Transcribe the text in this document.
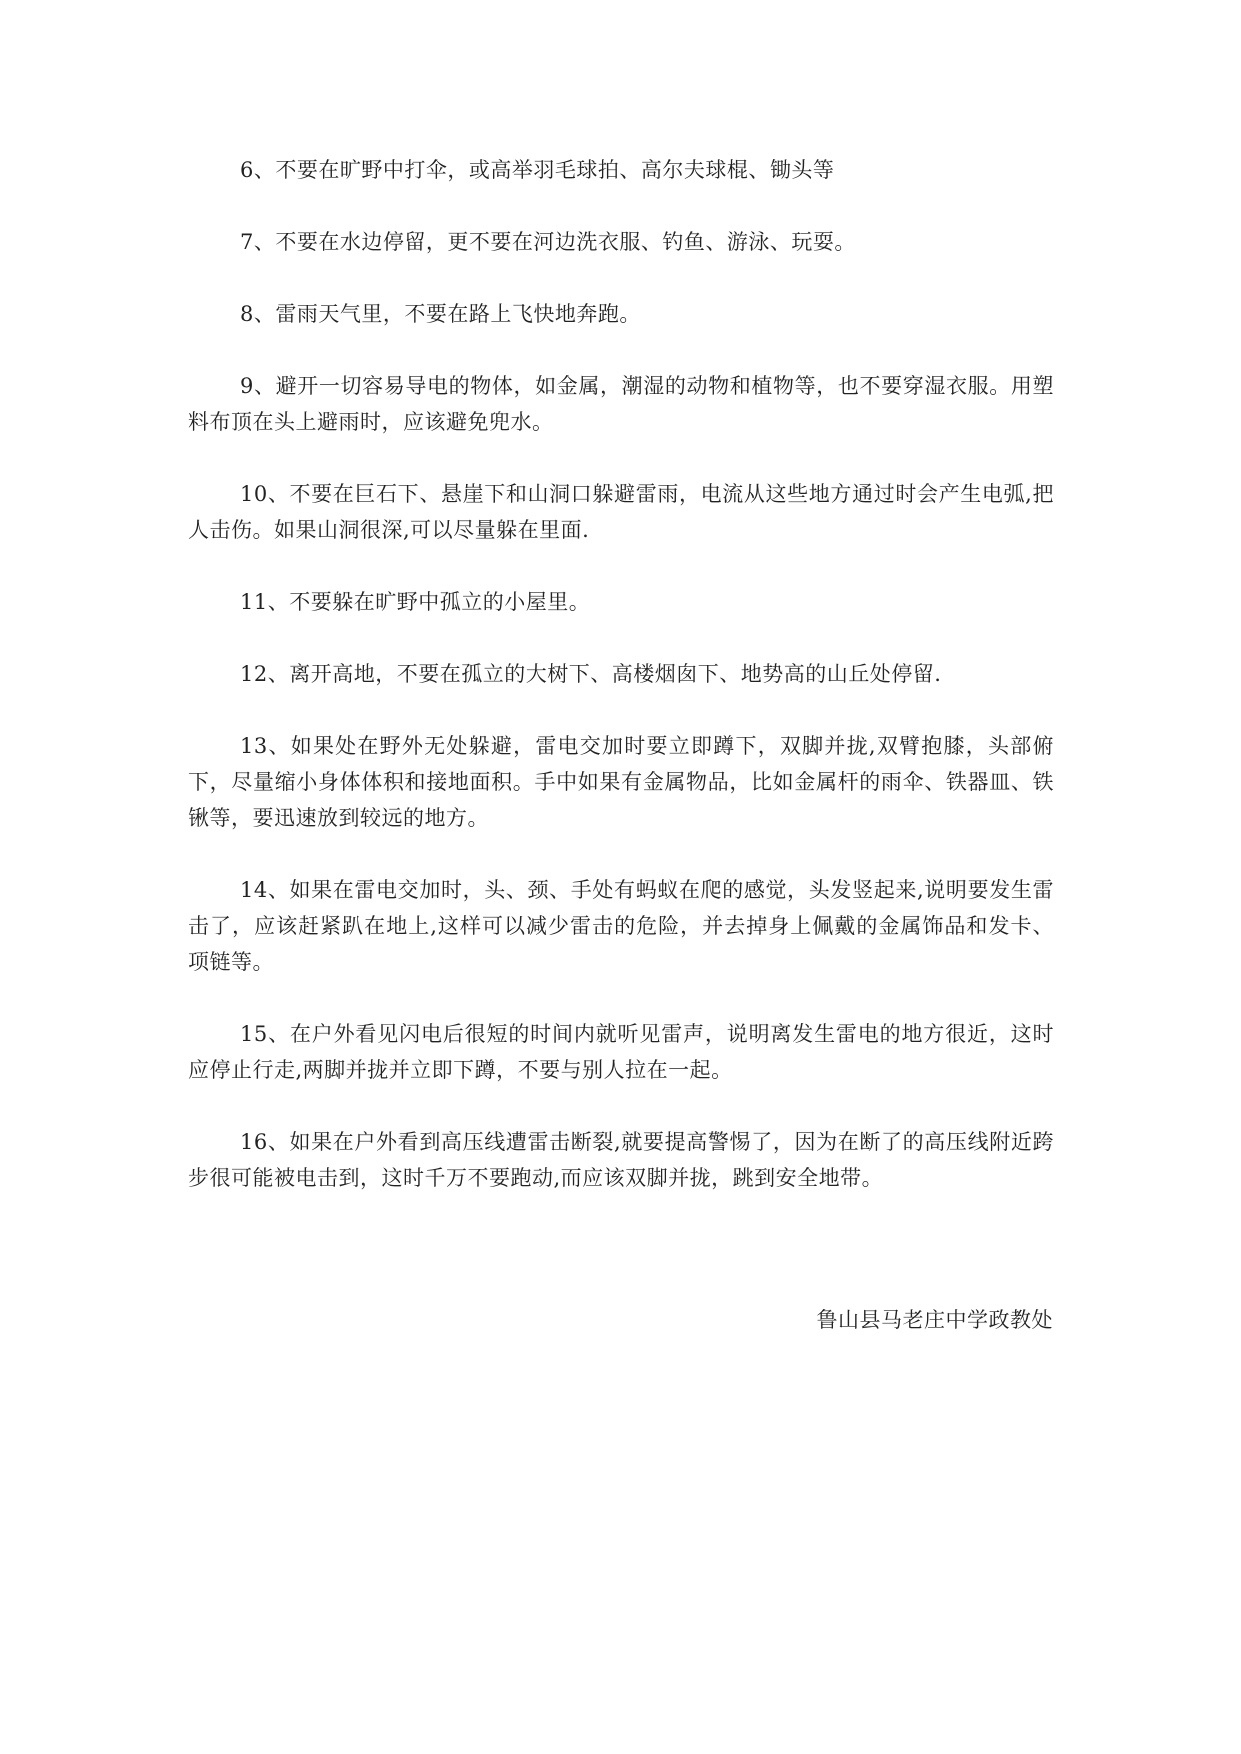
6、不要在旷野中打伞，或高举羽毛球拍、高尔夫球棍、锄头等

7、不要在水边停留，更不要在河边洗衣服、钓鱼、游泳、玩耍。

8、雷雨天气里，不要在路上飞快地奔跑。

9、避开一切容易导电的物体，如金属，潮湿的动物和植物等，也不要穿湿衣服。用塑料布顶在头上避雨时，应该避免兜水。

10、不要在巨石下、悬崖下和山洞口躲避雷雨，电流从这些地方通过时会产生电弧,把人击伤。如果山洞很深,可以尽量躲在里面.

11、不要躲在旷野中孤立的小屋里。

12、离开高地，不要在孤立的大树下、高楼烟囱下、地势高的山丘处停留.

13、如果处在野外无处躲避，雷电交加时要立即蹲下，双脚并拢,双臂抱膝，头部俯下，尽量缩小身体体积和接地面积。手中如果有金属物品，比如金属杆的雨伞、铁器皿、铁锹等，要迅速放到较远的地方。

14、如果在雷电交加时，头、颈、手处有蚂蚁在爬的感觉，头发竖起来,说明要发生雷击了，应该赶紧趴在地上,这样可以减少雷击的危险，并去掉身上佩戴的金属饰品和发卡、项链等。

15、在户外看见闪电后很短的时间内就听见雷声，说明离发生雷电的地方很近，这时应停止行走,两脚并拢并立即下蹲，不要与别人拉在一起。

16、如果在户外看到高压线遭雷击断裂,就要提高警惕了，因为在断了的高压线附近跨步很可能被电击到，这时千万不要跑动,而应该双脚并拢，跳到安全地带。

鲁山县马老庄中学政教处
